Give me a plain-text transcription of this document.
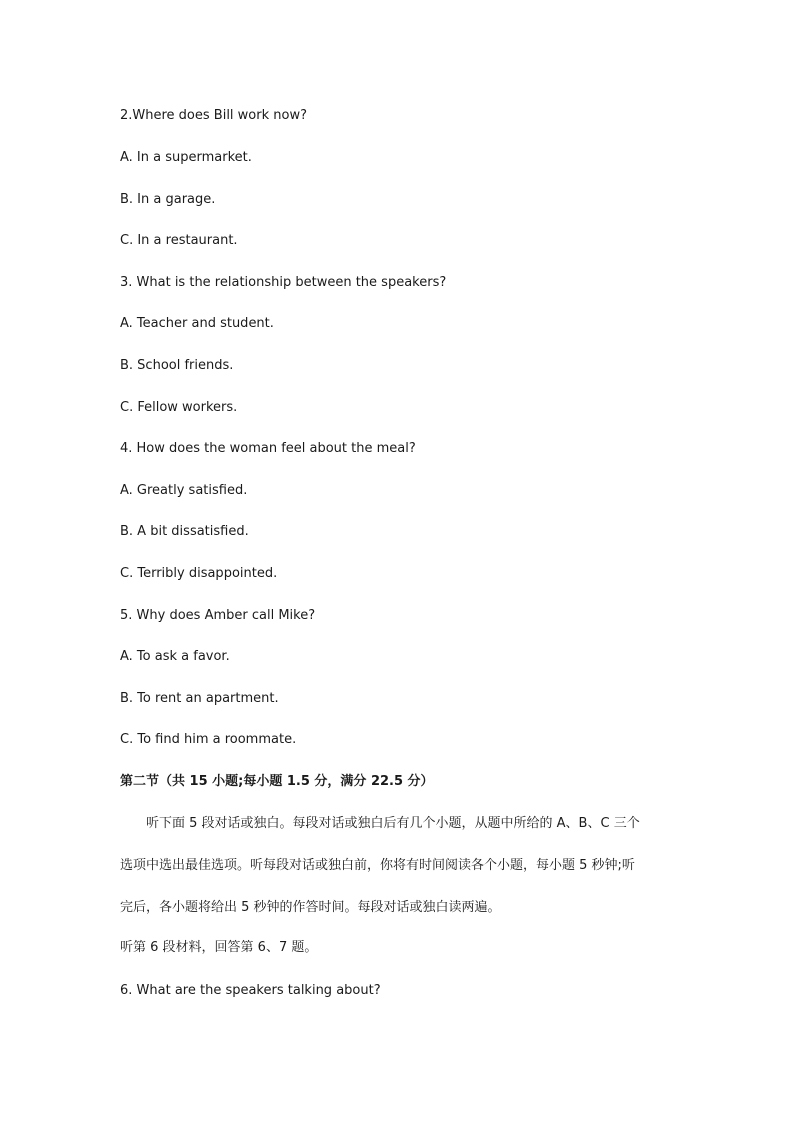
2.Where does Bill work now?
A. In a supermarket.
B. In a garage.
C. In a restaurant.
3. What is the relationship between the speakers?
A. Teacher and student.
B. School friends.
C. Fellow workers.
4. How does the woman feel about the meal?
A. Greatly satisfied.
B. A bit dissatisfied.
C. Terribly disappointed.
5. Why does Amber call Mike?
A. To ask a favor.
B. To rent an apartment.
C. To find him a roommate.
第二节（共 15 小题;每小题 1.5 分，满分 22.5 分）
　　听下面 5 段对话或独白。每段对话或独白后有几个小题，从题中所给的 A、B、C 三个
选项中选出最佳选项。听每段对话或独白前，你将有时间阅读各个小题，每小题 5 秒钟;听
完后，各小题将给出 5 秒钟的作答时间。每段对话或独白读两遍。
听第 6 段材料，回答第 6、7 题。
6. What are the speakers talking about?
